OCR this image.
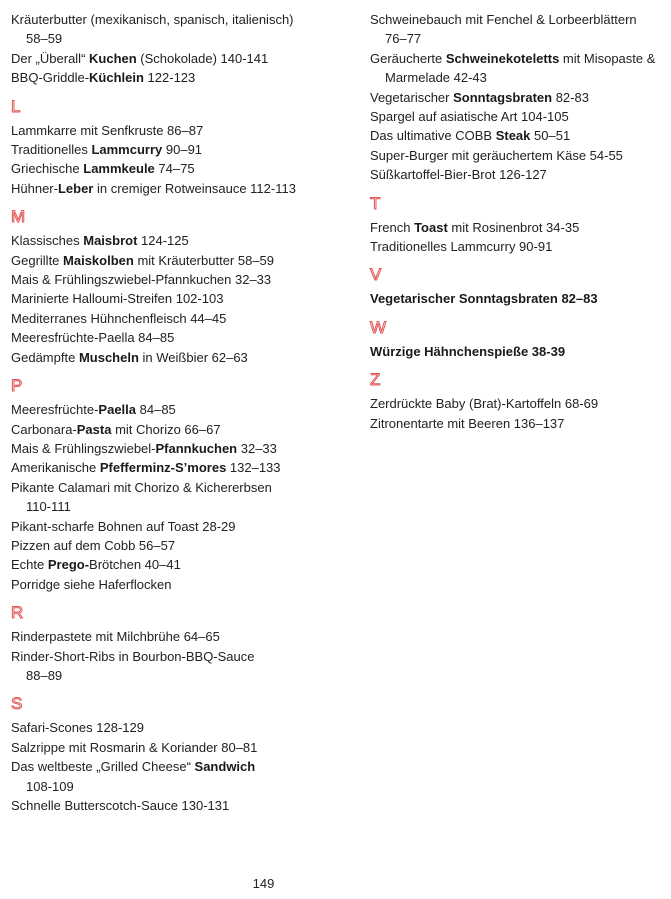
Kräuterbutter (mexikanisch, spanisch, italienisch)
58–59

Der „Überall“ Kuchen (Schokolade) 140-141

BBQ-Griddle-Küchlein 122-123

L

Lammkarre mit Senfkruste 86–87

Traditionelles Lammcurry 90–91

Griechische Lammkeule 74–75

Hühner-Leber in cremiger Rotweinsauce 112-113

M

Klassisches Maisbrot 124-125

Gegrillte Maiskolben mit Kräuterbutter 58–59

Mais & Frühlingszwiebel-Pfannkuchen 32–33

Marinierte Halloumi-Streifen 102-103

Mediterranes Hühnchenfleisch 44–45

Meeresfrüchte-Paella 84–85

Gedämpfte Muscheln in Weißbier 62–63

P

Meeresfrüchte-Paella 84–85

Carbonara-Pasta mit Chorizo 66–67

Mais & Frühlingszwiebel-Pfannkuchen 32–33

Amerikanische Pfefferminz-S’mores 132–133

Pikante Calamari mit Chorizo & Kichererbsen
110-111

Pikant-scharfe Bohnen auf Toast 28-29

Pizzen auf dem Cobb 56–57

Echte Prego-Brötchen 40–41

Porridge siehe Haferflocken

R

Rinderpastete mit Milchbrühe 64–65

Rinder-Short-Ribs in Bourbon-BBQ-Sauce
88–89

S

Safari-Scones 128-129

Salzrippe mit Rosmarin & Koriander 80–81

Das weltbeste „Grilled Cheese“ Sandwich
108-109

Schnelle Butterscotch-Sauce 130-131

Schweinebauch mit Fenchel & Lorbeerblättern
76–77

Geräucherte Schweinekoteletts mit Misopaste &
Marmelade 42-43

Vegetarischer Sonntagsbraten 82-83

Spargel auf asiatische Art 104-105

Das ultimative COBB Steak 50–51

Super-Burger mit geräuchertem Käse 54-55

Süßkartoffel-Bier-Brot 126-127

T

French Toast mit Rosinenbrot 34-35

Traditionelles Lammcurry 90-91

V

Vegetarischer Sonntagsbraten 82–83

W

Würzige Hähnchenspieße 38-39

Z

Zerdrückte Baby (Brat)-Kartoffeln 68-69

Zitronentarte mit Beeren 136–137

149
